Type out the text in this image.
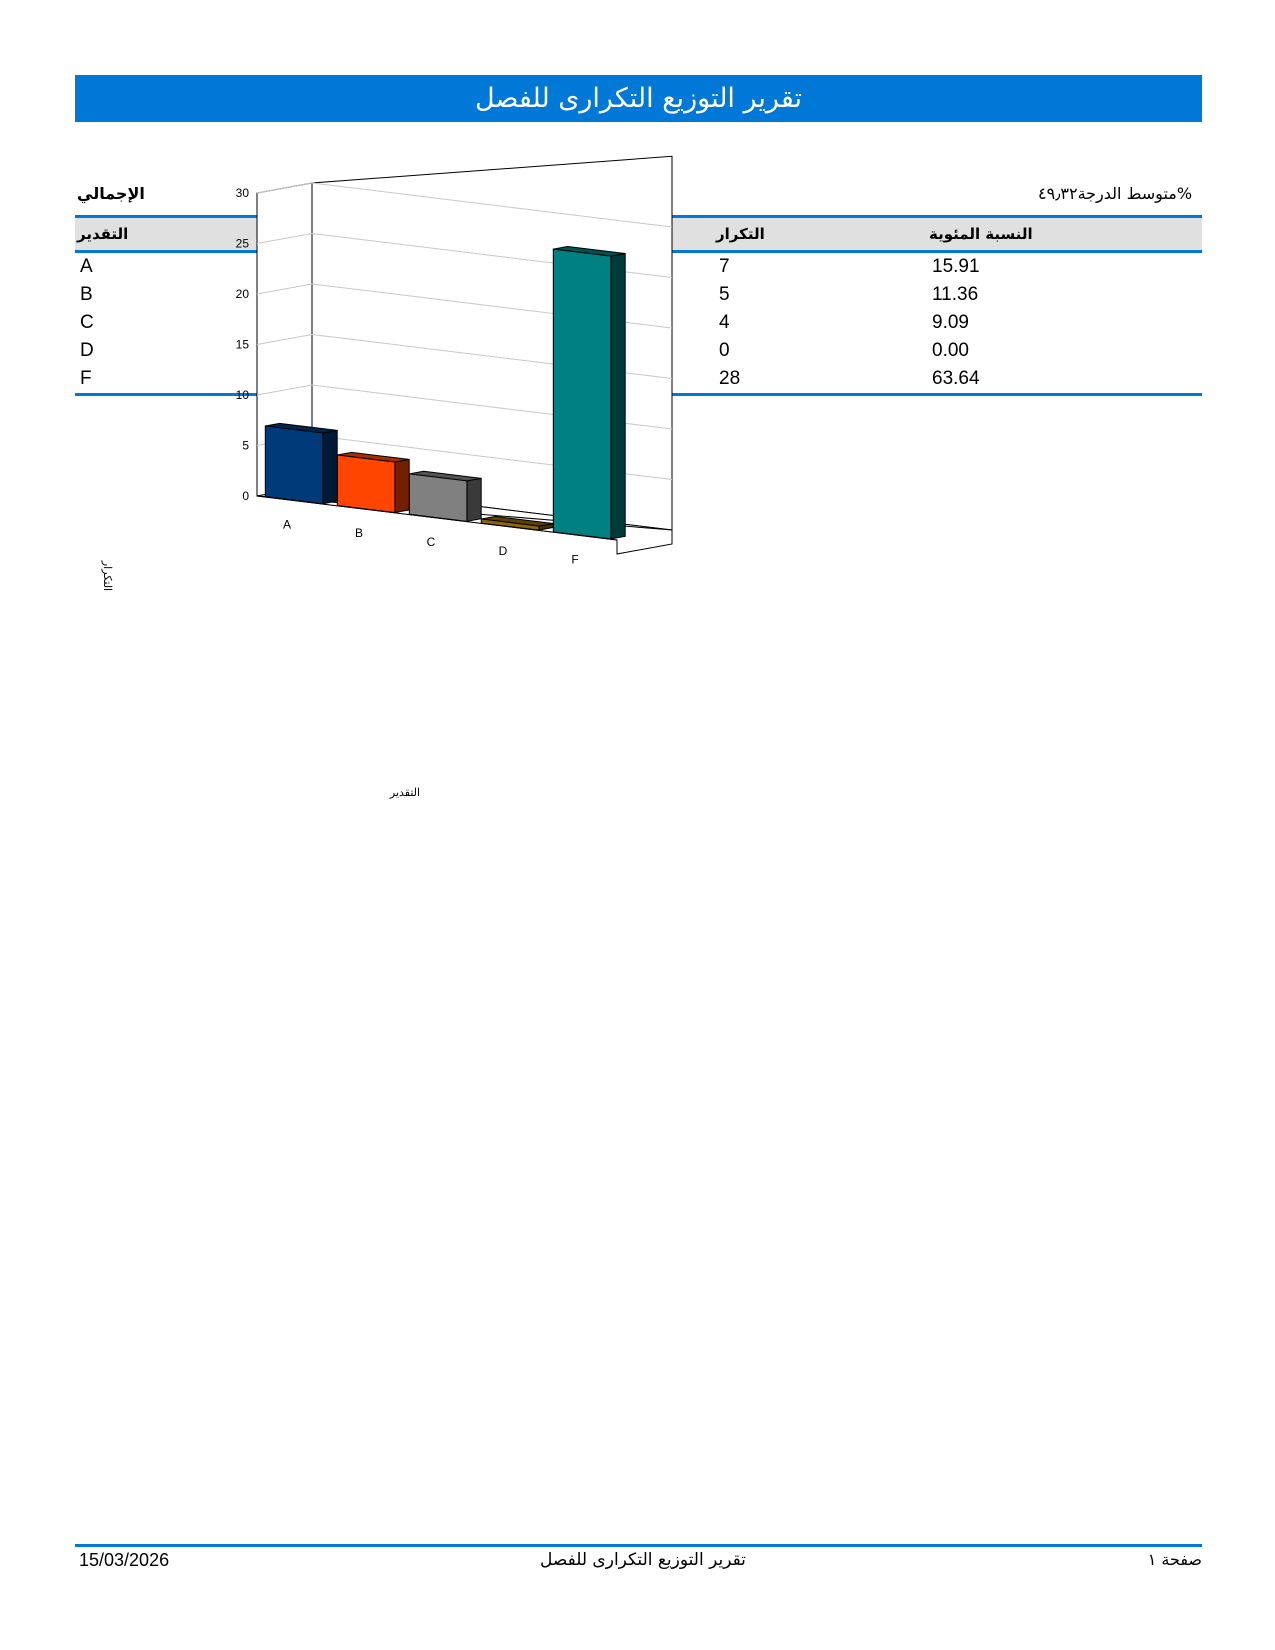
تقرير التوزيع التكرارى للفصل
الإجمالي	%متوسط الدرجة٤٩٫٣٢
التقدير			التكرار	النسبة المئوية
A			7	15.91
B			5	11.36
C			4	9.09
D			0	0.00
F			28	63.64
0
5
10
15
20
25
30
A
B
C
D
F
التقدير
التكرار
15/03/2026	تقرير التوزيع التكرارى للفصل	صفحة ١
